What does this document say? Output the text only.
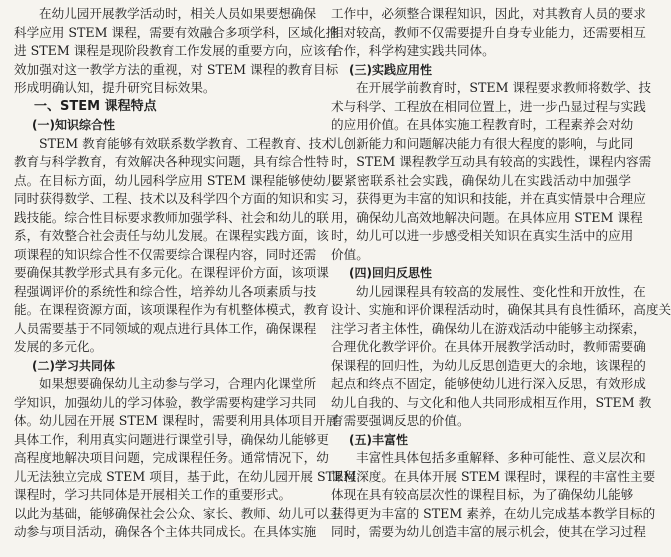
在幼儿园开展教学活动时，相关人员如果要想确保
科学应用 STEM 课程，需要有效融合多项学科，区域化推
进 STEM 课程是现阶段教育工作发展的重要方向，应该有
效加强对这一教学方法的重视，对 STEM 课程的教育目标
形成明确认知，提升研究目标效果。
一、STEM 课程特点
(一)知识综合性
STEM 教育能够有效联系数学教育、工程教育、技术
教育与科学教育，有效解决各种现实问题，具有综合性特
点。在目标方面，幼儿园科学应用 STEM 课程能够使幼儿
同时获得数学、工程、技术以及科学四个方面的知识和实
践技能。综合性目标要求教师加强学科、社会和幼儿的联
系，有效整合社会责任与幼儿发展。在课程实践方面，该
项课程的知识综合性不仅需要综合课程内容，同时还需
要确保其教学形式具有多元化。在课程评价方面，该项课
程强调评价的系统性和综合性，培养幼儿各项素质与技
能。在课程资源方面，该项课程作为有机整体模式，教育
人员需要基于不同领域的观点进行具体工作，确保课程
发展的多元化。
(二)学习共同体
如果想要确保幼儿主动参与学习，合理内化课堂所
学知识，加强幼儿的学习体验，教学需要构建学习共同
体。幼儿园在开展 STEM 课程时，需要利用具体项目开展
具体工作，利用真实问题进行课堂引导，确保幼儿能够更
高程度地解决项目问题，完成课程任务。通常情况下，幼
儿无法独立完成 STEM 项目，基于此，在幼儿园开展 STEM
课程时，学习共同体是开展相关工作的重要形式。
以此为基础，能够确保社会公众、家长、教师、幼儿可以主
动参与项目活动，确保各个主体共同成长。在具体实施
工作中，必须整合课程知识，因此，对其教育人员的要求
相对较高，教师不仅需要提升自身专业能力，还需要相互
合作，科学构建实践共同体。
(三)实践应用性
在开展学前教育时，STEM 课程要求教师将数学、技
术与科学、工程放在相同位置上，进一步凸显过程与实践
的应用价值。在具体实施工程教育时，工程素养会对幼
儿创新能力和问题解决能力有很大程度的影响，与此同
时，STEM 课程教学互动具有较高的实践性，课程内容需
要紧密联系社会实践，确保幼儿在实践活动中加强学
习，获得更为丰富的知识和技能，并在真实情景中合理应
用，确保幼儿高效地解决问题。在具体应用 STEM 课程
时，幼儿可以进一步感受相关知识在真实生活中的应用
价值。
(四)回归反思性
幼儿园课程具有较高的发展性、变化性和开放性，在
设计、实施和评价课程活动时，确保其具有良性循环，高度关
注学习者主体性，确保幼儿在游戏活动中能够主动探索，
合理优化教学评价。在具体开展教学活动时，教师需要确
保课程的回归性，为幼儿反思创造更大的余地，该课程的
起点和终点不固定，能够使幼儿进行深入反思，有效形成
幼儿自我的、与文化和他人共同形成相互作用，STEM 教
育需要强调反思的价值。
(五)丰富性
丰富性具体包括多重解释、多种可能性、意义层次和
课程深度。在具体开展 STEM 课程时，课程的丰富性主要
体现在具有较高层次性的课程目标，为了确保幼儿能够
获得更为丰富的 STEM 素养，在幼儿完成基本教学目标的
同时，需要为幼儿创造丰富的展示机会，使其在学习过程
